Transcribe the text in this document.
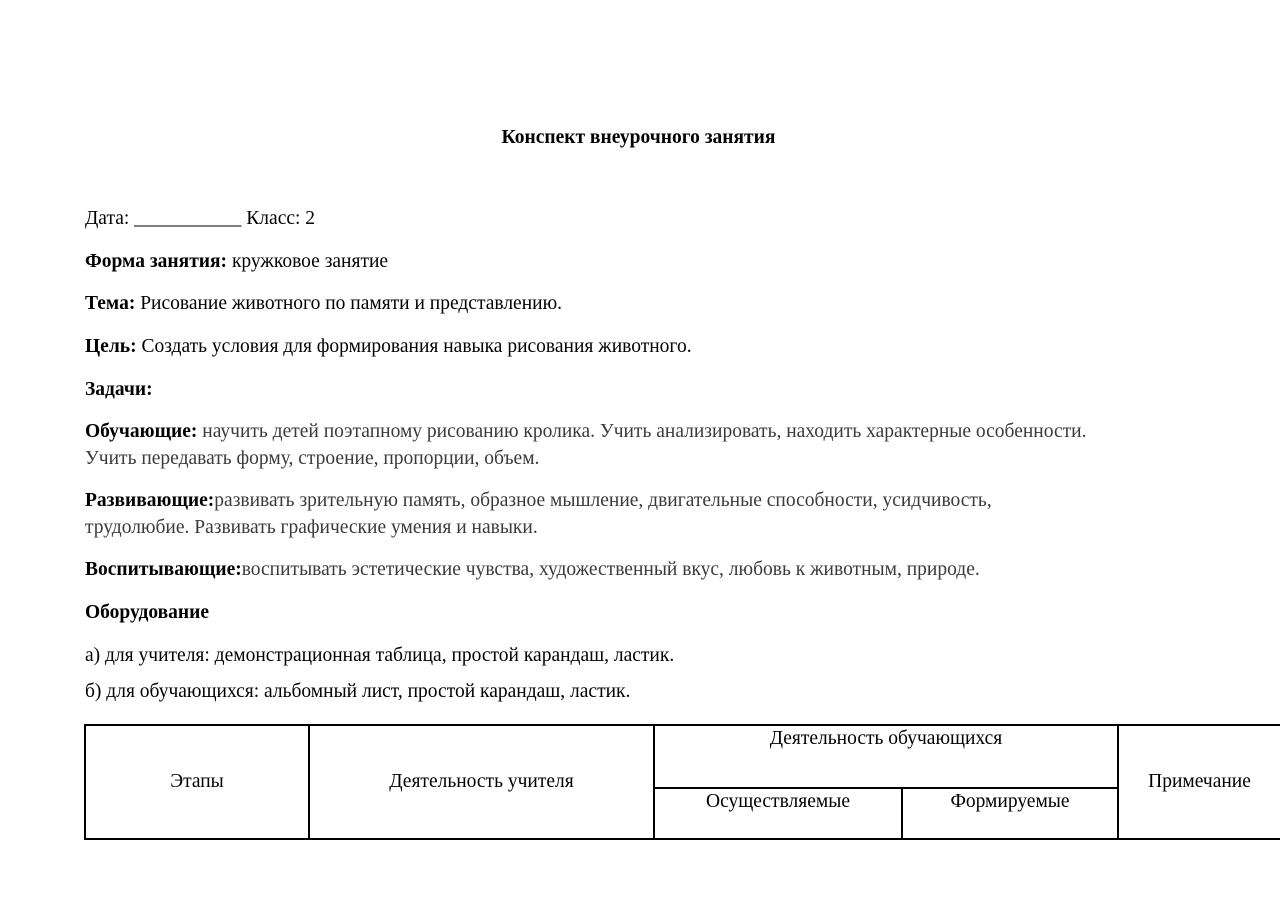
Конспект внеурочного занятия
Дата: ___________ Класс: 2
Форма занятия: кружковое занятие
Тема: Рисование животного по памяти и представлению.
Цель: Создать условия для формирования навыка рисования животного.
Задачи:
Обучающие: научить детей поэтапному рисованию кролика. Учить анализировать, находить характерные особенности.
Учить передавать форму, строение, пропорции, объем.
Развивающие:развивать зрительную память, образное мышление, двигательные способности, усидчивость,
трудолюбие. Развивать графические умения и навыки.
Воспитывающие:воспитывать эстетические чувства, художественный вкус, любовь к животным, природе.
Оборудование
а) для учителя: демонстрационная таблица, простой карандаш, ластик.
б) для обучающихся: альбомный лист, простой карандаш, ластик.
Этапы	Деятельность учителя	Деятельность обучающихся		Примечание
		Осуществляемые	Формируемые	
